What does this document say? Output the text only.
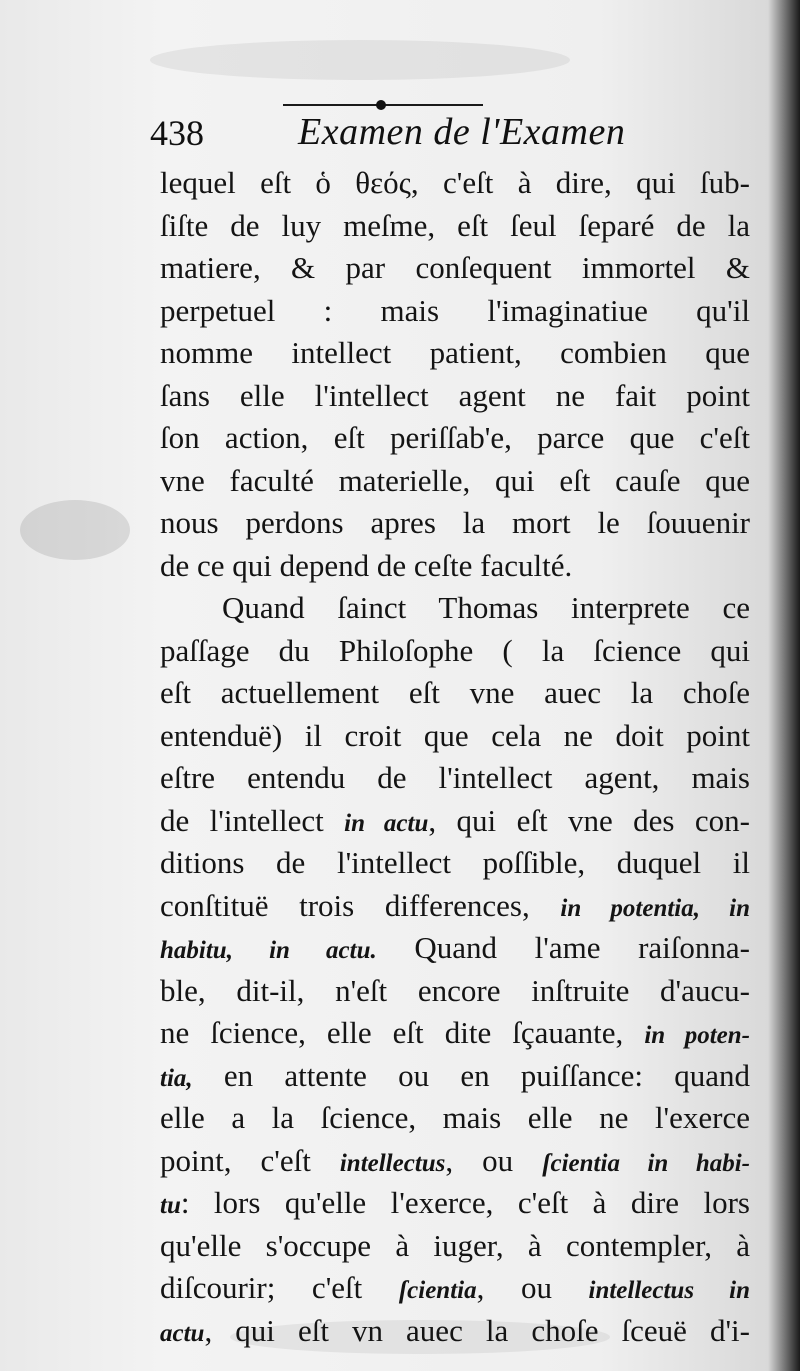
438 Examen de l'Examen
lequel eſt ὁ θεός, c'eſt à dire, qui ſub-
ſiſte de luy meſme, eſt ſeul ſeparé de la
matiere, & par conſequent immortel &
perpetuel : mais l'imaginatiue qu'il
nomme intellect patient, combien que
ſans elle l'intellect agent ne fait point
ſon action, eſt periſſab'e, parce que c'eſt
vne faculté materielle, qui eſt cauſe que
nous perdons apres la mort le ſouuenir
de ce qui depend de ceſte faculté.
Quand ſainct Thomas interprete ce
paſſage du Philoſophe ( la ſcience qui
eſt actuellement eſt vne auec la choſe
entenduë) il croit que cela ne doit point
eſtre entendu de l'intellect agent, mais
de l'intellect in actu, qui eſt vne des con-
ditions de l'intellect poſſible, duquel il
conſtituë trois differences, in potentia, in
habitu, in actu. Quand l'ame raiſonna-
ble, dit-il, n'eſt encore inſtruite d'aucu-
ne ſcience, elle eſt dite ſçauante, in poten-
tia, en attente ou en puiſſance: quand
elle a la ſcience, mais elle ne l'exerce
point, c'eſt intellectus, ou ſcientia in habi-
tu: lors qu'elle l'exerce, c'eſt à dire lors
qu'elle s'occupe à iuger, à contempler, à
diſcourir; c'eſt ſcientia, ou intellectus in
actu, qui eſt vn auec la choſe ſceuë d'i-
